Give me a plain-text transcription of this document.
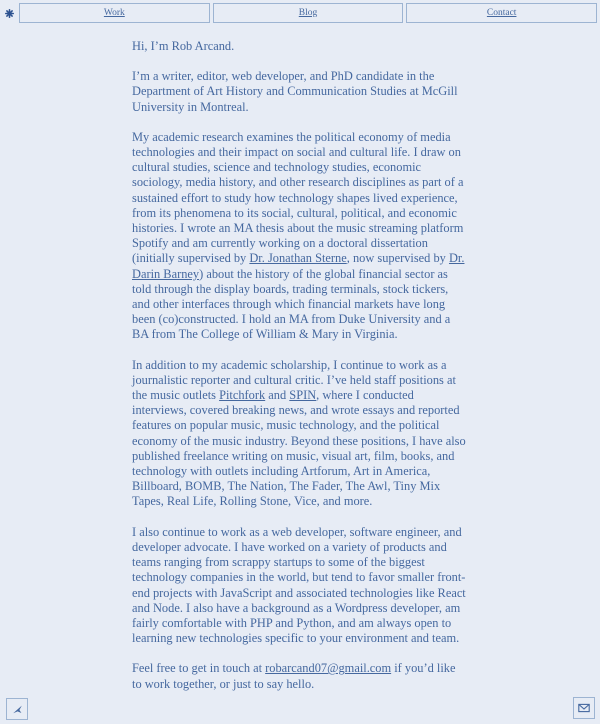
Work	Blog	Contact

Hi, I’m Rob Arcand.

I’m a writer, editor, web developer, and PhD candidate in the Department of Art History and Communication Studies at McGill University in Montreal.

My academic research examines the political economy of media technologies and their impact on social and cultural life. I draw on cultural studies, science and technology studies, economic sociology, media history, and other research disciplines as part of a sustained effort to study how technology shapes lived experience, from its phenomena to its social, cultural, political, and economic histories. I wrote an MA thesis about the music streaming platform Spotify and am currently working on a doctoral dissertation (initially supervised by Dr. Jonathan Sterne, now supervised by Dr. Darin Barney) about the history of the global financial sector as told through the display boards, trading terminals, stock tickers, and other interfaces through which financial markets have long been (co)constructed. I hold an MA from Duke University and a BA from The College of William & Mary in Virginia.

In addition to my academic scholarship, I continue to work as a journalistic reporter and cultural critic. I’ve held staff positions at the music outlets Pitchfork and SPIN, where I conducted interviews, covered breaking news, and wrote essays and reported features on popular music, music technology, and the political economy of the music industry. Beyond these positions, I have also published freelance writing on music, visual art, film, books, and technology with outlets including Artforum, Art in America, Billboard, BOMB, The Nation, The Fader, The Awl, Tiny Mix Tapes, Real Life, Rolling Stone, Vice, and more.

I also continue to work as a web developer, software engineer, and developer advocate. I have worked on a variety of products and teams ranging from scrappy startups to some of the biggest technology companies in the world, but tend to favor smaller front-end projects with JavaScript and associated technologies like React and Node. I also have a background as a Wordpress developer, am fairly comfortable with PHP and Python, and am always open to learning new technologies specific to your environment and team.

Feel free to get in touch at robarcand07@gmail.com if you’d like to work together, or just to say hello.
